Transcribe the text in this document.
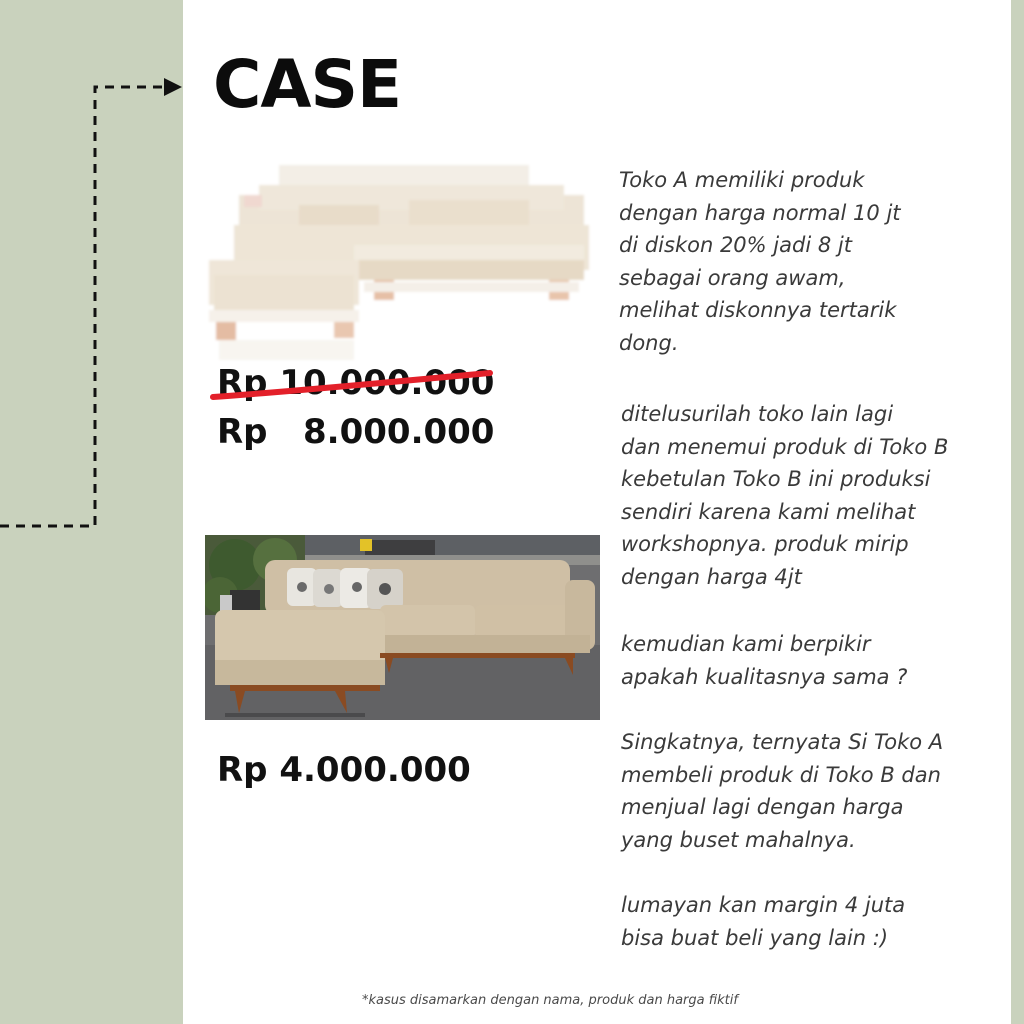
CASE
Rp 10.000.000
Rp   8.000.000
Rp 4.000.000

Toko A memiliki produk
dengan harga normal 10 jt
di diskon 20% jadi 8 jt
sebagai orang awam,
melihat diskonnya tertarik
dong.

ditelusurilah toko lain lagi
dan menemui produk di Toko B
kebetulan Toko B ini produksi
sendiri karena kami melihat
workshopnya. produk mirip
dengan harga 4jt

kemudian kami berpikir
apakah kualitasnya sama ?

Singkatnya, ternyata Si Toko A
membeli produk di Toko B dan
menjual lagi dengan harga
yang buset mahalnya.

lumayan kan margin 4 juta
bisa buat beli yang lain :)

*kasus disamarkan dengan nama, produk dan harga fiktif
